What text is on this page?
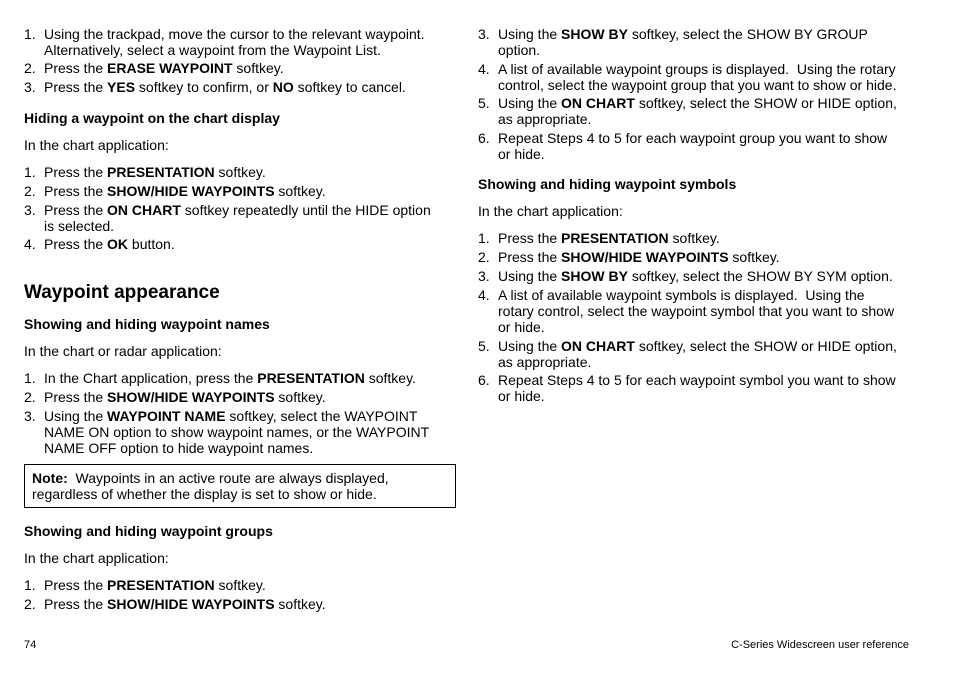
1. Using the trackpad, move the cursor to the relevant waypoint.
Alternatively, select a waypoint from the Waypoint List.
2. Press the ERASE WAYPOINT softkey.
3. Press the YES softkey to confirm, or NO softkey to cancel.
Hiding a waypoint on the chart display
In the chart application:
1. Press the PRESENTATION softkey.
2. Press the SHOW/HIDE WAYPOINTS softkey.
3. Press the ON CHART softkey repeatedly until the HIDE option
is selected.
4. Press the OK button.
Waypoint appearance
Showing and hiding waypoint names
In the chart or radar application:
1. In the Chart application, press the PRESENTATION softkey.
2. Press the SHOW/HIDE WAYPOINTS softkey.
3. Using the WAYPOINT NAME softkey, select the WAYPOINT
NAME ON option to show waypoint names, or the WAYPOINT
NAME OFF option to hide waypoint names.
Note:  Waypoints in an active route are always displayed,
regardless of whether the display is set to show or hide.
Showing and hiding waypoint groups
In the chart application:
1. Press the PRESENTATION softkey.
2. Press the SHOW/HIDE WAYPOINTS softkey.
3. Using the SHOW BY softkey, select the SHOW BY GROUP
option.
4. A list of available waypoint groups is displayed.  Using the rotary
control, select the waypoint group that you want to show or hide.
5. Using the ON CHART softkey, select the SHOW or HIDE option,
as appropriate.
6. Repeat Steps 4 to 5 for each waypoint group you want to show
or hide.
Showing and hiding waypoint symbols
In the chart application:
1. Press the PRESENTATION softkey.
2. Press the SHOW/HIDE WAYPOINTS softkey.
3. Using the SHOW BY softkey, select the SHOW BY SYM option.
4. A list of available waypoint symbols is displayed.  Using the
rotary control, select the waypoint symbol that you want to show
or hide.
5. Using the ON CHART softkey, select the SHOW or HIDE option,
as appropriate.
6. Repeat Steps 4 to 5 for each waypoint symbol you want to show
or hide.
74	C-Series Widescreen user reference
